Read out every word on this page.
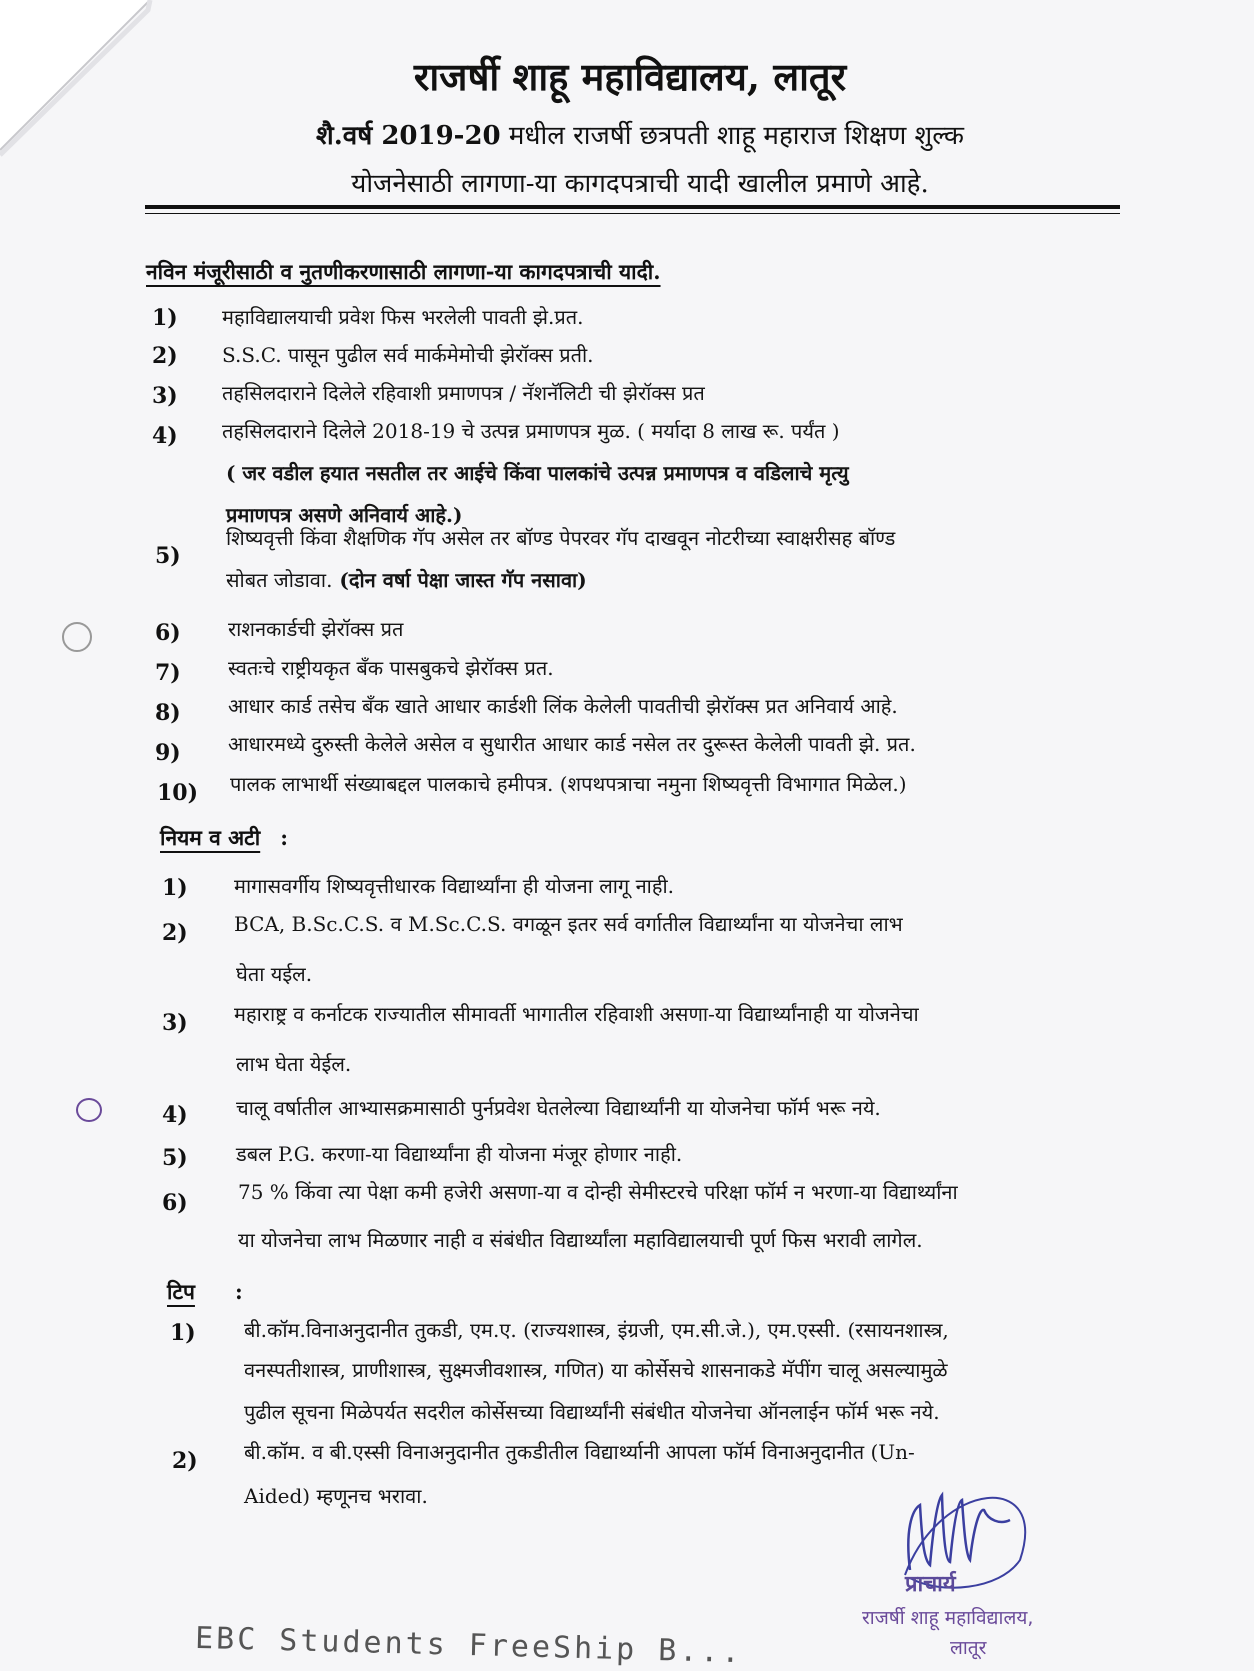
राजर्षी शाहू महाविद्यालय, लातूर
शै.वर्ष 2019-20 मधील राजर्षी छत्रपती शाहू महाराज शिक्षण शुल्क
योजनेसाठी लागणा-या कागदपत्राची यादी खालील प्रमाणे आहे.
नविन मंजूरीसाठी व नुतणीकरणासाठी लागणा-या कागदपत्राची यादी.
1) महाविद्यालयाची प्रवेश फिस भरलेली पावती झे.प्रत.
2) S.S.C. पासून पुढील सर्व मार्कमेमोची झेरॉक्स प्रती.
3) तहसिलदाराने दिलेले रहिवाशी प्रमाणपत्र / नॅशनॅलिटी ची झेरॉक्स प्रत
4) तहसिलदाराने दिलेले 2018-19 चे उत्पन्न प्रमाणपत्र मुळ. ( मर्यादा 8 लाख रू. पर्यंत )
( जर वडील हयात नसतील तर आईचे किंवा पालकांचे उत्पन्न प्रमाणपत्र व वडिलाचे मृत्यु
प्रमाणपत्र असणे अनिवार्य आहे.)
5)
शिष्यवृत्ती किंवा शैक्षणिक गॅप असेल तर बॉण्ड पेपरवर गॅप दाखवून नोटरीच्या स्वाक्षरीसह बॉण्ड
सोबत जोडावा. (दोन वर्षा पेक्षा जास्त गॅप नसावा)
6) राशनकार्डची झेरॉक्स प्रत
7) स्वतःचे राष्ट्रीयकृत बँक पासबुकचे झेरॉक्स प्रत.
8) आधार कार्ड तसेच बँक खाते आधार कार्डशी लिंक केलेली पावतीची झेरॉक्स प्रत अनिवार्य आहे.
9) आधारमध्ये दुरुस्ती केलेले असेल व सुधारीत आधार कार्ड नसेल तर दुरूस्त केलेली पावती झे. प्रत.
10) पालक लाभार्थी संख्याबद्दल पालकाचे हमीपत्र. (शपथपत्राचा नमुना शिष्यवृत्ती विभागात मिळेल.)
नियम व अटी :
1) मागासवर्गीय शिष्यवृत्तीधारक विद्यार्थ्यांना ही योजना लागू नाही.
2) BCA, B.Sc.C.S. व M.Sc.C.S. वगळून इतर सर्व वर्गातील विद्यार्थ्यांना या योजनेचा लाभ
घेता यईल.
3) महाराष्ट्र व कर्नाटक राज्यातील सीमावर्ती भागातील रहिवाशी असणा-या विद्यार्थ्यांनाही या योजनेचा
लाभ घेता येईल.
4) चालू वर्षातील आभ्यासक्रमासाठी पुर्नप्रवेश घेतलेल्या विद्यार्थ्यांनी या योजनेचा फॉर्म भरू नये.
5) डबल P.G. करणा-या विद्यार्थ्यांना ही योजना मंजूर होणार नाही.
6)	75 % किंवा त्या पेक्षा कमी हजेरी असणा-या व दोन्ही सेमीस्टरचे परिक्षा फॉर्म न भरणा-या विद्यार्थ्यांना
या योजनेचा लाभ मिळणार नाही व संबंधीत विद्यार्थ्यांला महाविद्यालयाची पूर्ण फिस भरावी लागेल.
टिप :
1) बी.कॉम.विनाअनुदानीत तुकडी, एम.ए. (राज्यशास्त्र, इंग्रजी, एम.सी.जे.), एम.एस्सी. (रसायनशास्त्र,
वनस्पतीशास्त्र, प्राणीशास्त्र, सुक्ष्मजीवशास्त्र, गणित) या कोर्सेसचे शासनाकडे मॅपींग चालू असल्यामुळे
पुढील सूचना मिळेपर्यत सदरील कोर्सेसच्या विद्यार्थ्यांनी संबंधीत योजनेचा ऑनलाईन फॉर्म भरू नये.
2) बी.कॉम. व बी.एस्सी विनाअनुदानीत तुकडीतील विद्यार्थ्यानी आपला फॉर्म विनाअनुदानीत (Un-
Aided) म्हणूनच भरावा.
प्राचार्य
राजर्षी शाहू महाविद्यालय,
लातूर
EBC Students FreeShip B...
